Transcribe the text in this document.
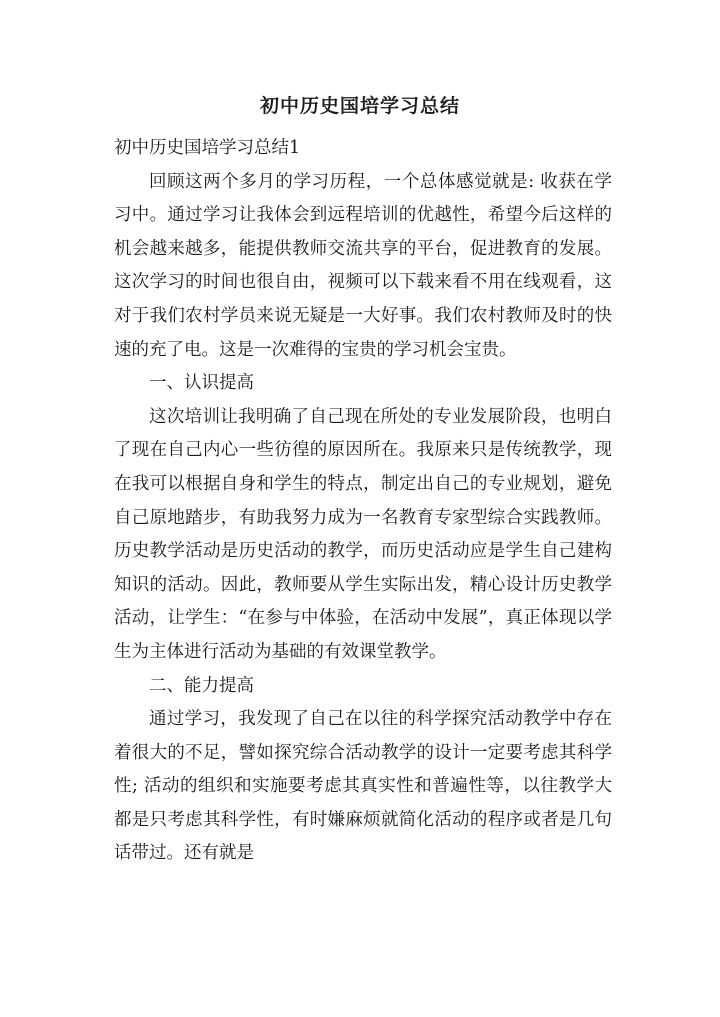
初中历史国培学习总结

初中历史国培学习总结1

回顾这两个多月的学习历程，一个总体感觉就是: 收获在学习中。通过学习让我体会到远程培训的优越性，希望今后这样的机会越来越多，能提供教师交流共享的平台，促进教育的发展。这次学习的时间也很自由，视频可以下载来看不用在线观看，这对于我们农村学员来说无疑是一大好事。我们农村教师及时的快速的充了电。这是一次难得的宝贵的学习机会宝贵。

  一、认识提高

这次培训让我明确了自己现在所处的专业发展阶段，也明白了现在自己内心一些彷徨的原因所在。我原来只是传统教学，现在我可以根据自身和学生的特点，制定出自己的专业规划，避免自己原地踏步，有助我努力成为一名教育专家型综合实践教师。历史教学活动是历史活动的教学，而历史活动应是学生自己建构知识的活动。因此，教师要从学生实际出发，精心设计历史教学活动，让学生：“在参与中体验，在活动中发展”，真正体现以学生为主体进行活动为基础的有效课堂教学。

  二、能力提高

通过学习，我发现了自己在以往的科学探究活动教学中存在着很大的不足，譬如探究综合活动教学的设计一定要考虑其科学性; 活动的组织和实施要考虑其真实性和普遍性等，以往教学大都是只考虑其科学性，有时嫌麻烦就简化活动的程序或者是几句话带过。还有就是
